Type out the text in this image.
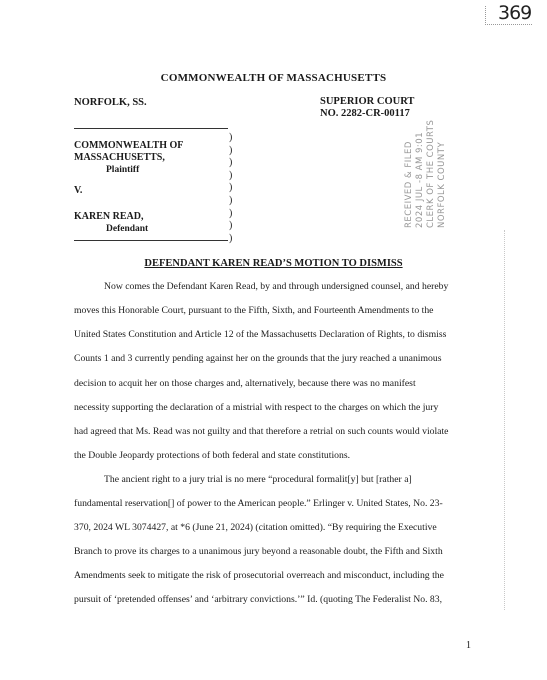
369
COMMONWEALTH OF MASSACHUSETTS
NORFOLK, SS.	SUPERIOR COURT
NO. 2282-CR-00117
)
)
)
)
)
)
)
)
)
COMMONWEALTH OF
MASSACHUSETTS,
Plaintiff
V.
KAREN READ,
Defendant
RECEIVED & FILED 2024 JUL -8 AM 9:01 CLERK OF THE COURTS NORFOLK COUNTY
DEFENDANT KAREN READ’S MOTION TO DISMISS
Now comes the Defendant Karen Read, by and through undersigned counsel, and hereby
moves this Honorable Court, pursuant to the Fifth, Sixth, and Fourteenth Amendments to the
United States Constitution and Article 12 of the Massachusetts Declaration of Rights, to dismiss
Counts 1 and 3 currently pending against her on the grounds that the jury reached a unanimous
decision to acquit her on those charges and, alternatively, because there was no manifest
necessity supporting the declaration of a mistrial with respect to the charges on which the jury
had agreed that Ms. Read was not guilty and that therefore a retrial on such counts would violate
the Double Jeopardy protections of both federal and state constitutions.
The ancient right to a jury trial is no mere “procedural formalit[y] but [rather a]
fundamental reservation[] of power to the American people.” Erlinger v. United States, No. 23-
370, 2024 WL 3074427, at *6 (June 21, 2024) (citation omitted). “By requiring the Executive
Branch to prove its charges to a unanimous jury beyond a reasonable doubt, the Fifth and Sixth
Amendments seek to mitigate the risk of prosecutorial overreach and misconduct, including the
pursuit of ‘pretended offenses’ and ‘arbitrary convictions.’” Id. (quoting The Federalist No. 83,
1
